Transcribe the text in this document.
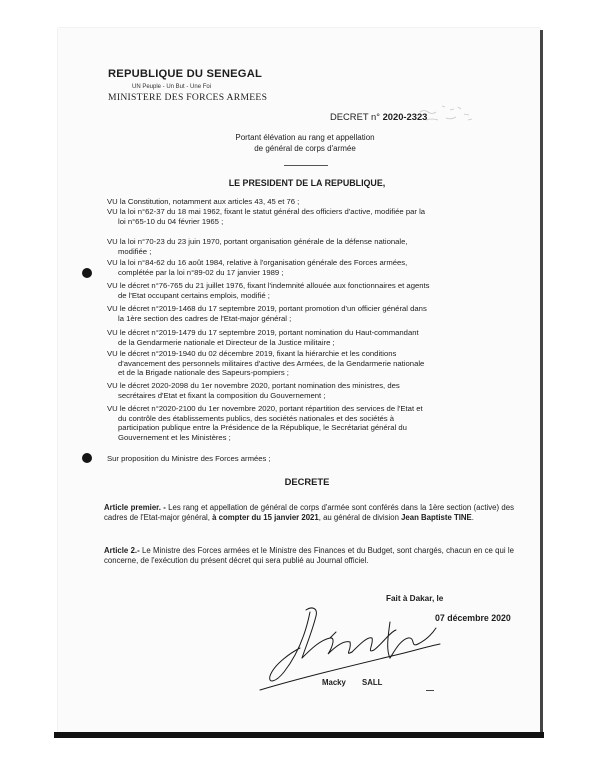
REPUBLIQUE DU SENEGAL
UN Peuple - Un But - Une Foi
MINISTERE DES FORCES ARMEES
DECRET n° 2020-2323
Portant élévation au rang et appellation
de général de corps d'armée
LE PRESIDENT DE LA REPUBLIQUE,
VU la Constitution, notamment aux articles 43, 45 et 76 ;
VU la loi n°62-37 du 18 mai 1962, fixant le statut général des officiers d'active, modifiée par la
loi n°65-10 du 04 février 1965 ;
VU la loi n°70-23 du 23 juin 1970, portant organisation générale de la défense nationale,
modifiée ;
VU la loi n°84-62 du 16 août 1984, relative à l'organisation générale des Forces armées,
complétée par la loi n°89-02 du 17 janvier 1989 ;
VU le décret n°76-765 du 21 juillet 1976, fixant l'indemnité allouée aux fonctionnaires et agents
de l'Etat occupant certains emplois, modifié ;
VU le décret n°2019-1468 du 17 septembre 2019, portant promotion d'un officier général dans
la 1ère section des cadres de l'Etat-major général ;
VU le décret n°2019-1479 du 17 septembre 2019, portant nomination du Haut-commandant
de la Gendarmerie nationale et Directeur de la Justice militaire ;
VU le décret n°2019-1940 du 02 décembre 2019, fixant la hiérarchie et les conditions
d'avancement des personnels militaires d'active des Armées, de la Gendarmerie nationale
et de la Brigade nationale des Sapeurs-pompiers ;
VU le décret 2020-2098 du 1er novembre 2020, portant nomination des ministres, des
secrétaires d'Etat et fixant la composition du Gouvernement ;
VU le décret n°2020-2100 du 1er novembre 2020, portant répartition des services de l'Etat et
du contrôle des établissements publics, des sociétés nationales et des sociétés à
participation publique entre la Présidence de la République, le Secrétariat général du
Gouvernement et les Ministères ;
Sur proposition du Ministre des Forces armées ;
DECRETE
Article premier. - Les rang et appellation de général de corps d'armée sont conférés dans la 1ère section (active) des cadres de l'Etat-major général, à compter du 15 janvier 2021, au général de division Jean Baptiste TINE.
Article 2.- Le Ministre des Forces armées et le Ministre des Finances et du Budget, sont chargés, chacun en ce qui le concerne, de l'exécution du présent décret qui sera publié au Journal officiel.
Fait à Dakar, le
07 décembre 2020
Macky SALL
